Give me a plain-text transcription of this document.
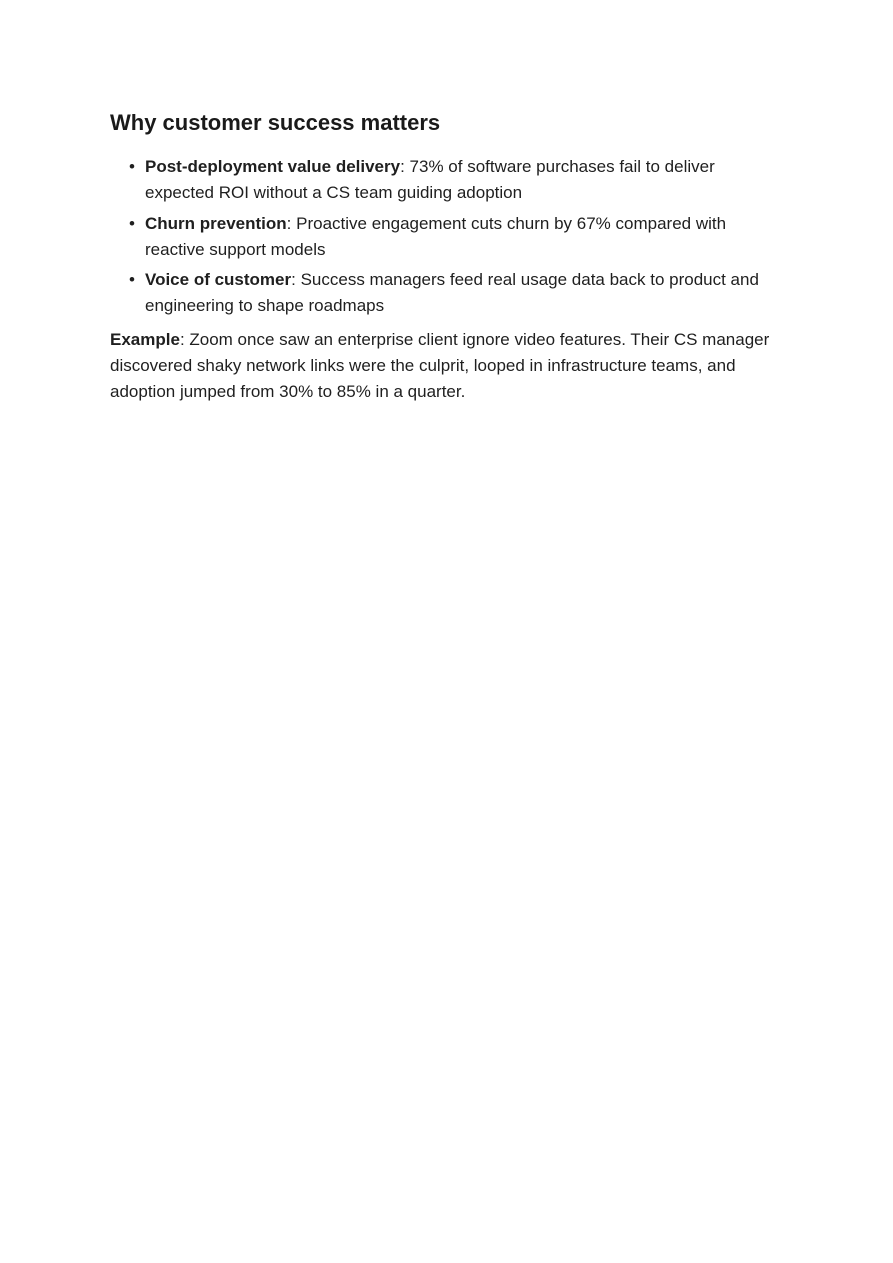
Why customer success matters
• Post-deployment value delivery: 73% of software purchases fail to deliver expected ROI without a CS team guiding adoption
• Churn prevention: Proactive engagement cuts churn by 67% compared with reactive support models
• Voice of customer: Success managers feed real usage data back to product and engineering to shape roadmaps

Example: Zoom once saw an enterprise client ignore video features. Their CS manager discovered shaky network links were the culprit, looped in infrastructure teams, and adoption jumped from 30% to 85% in a quarter.
